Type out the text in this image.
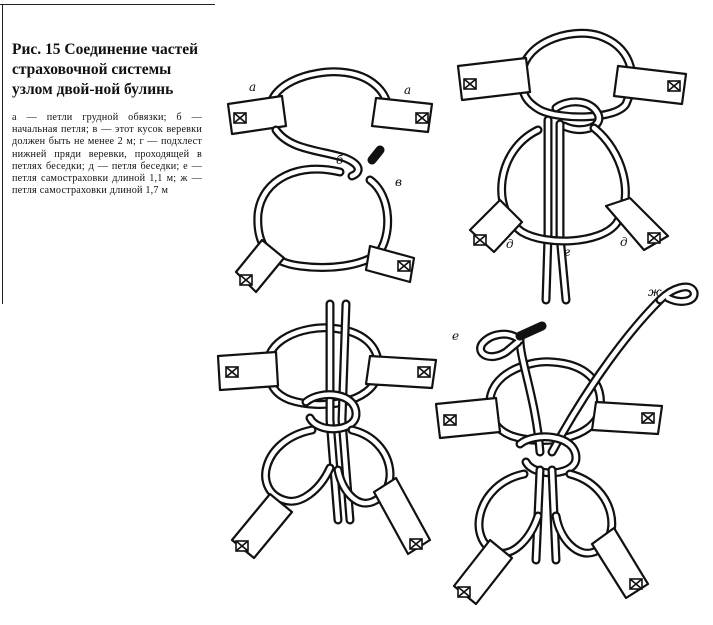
Рис. 15 Соединение частей страховочной системы узлом двой-ной булинь

а — петли грудной обвязки; б — начальная петля; в — этот кусок веревки должен быть не менее 2 м; г — подхлест нижней пряди веревки, проходящей в петлях беседки; д — петля беседки; е — петля самостраховки длиной 1,1 м; ж — петля самостраховки длиной 1,7 м
а	а
б
в
д
г
д
е
ж
